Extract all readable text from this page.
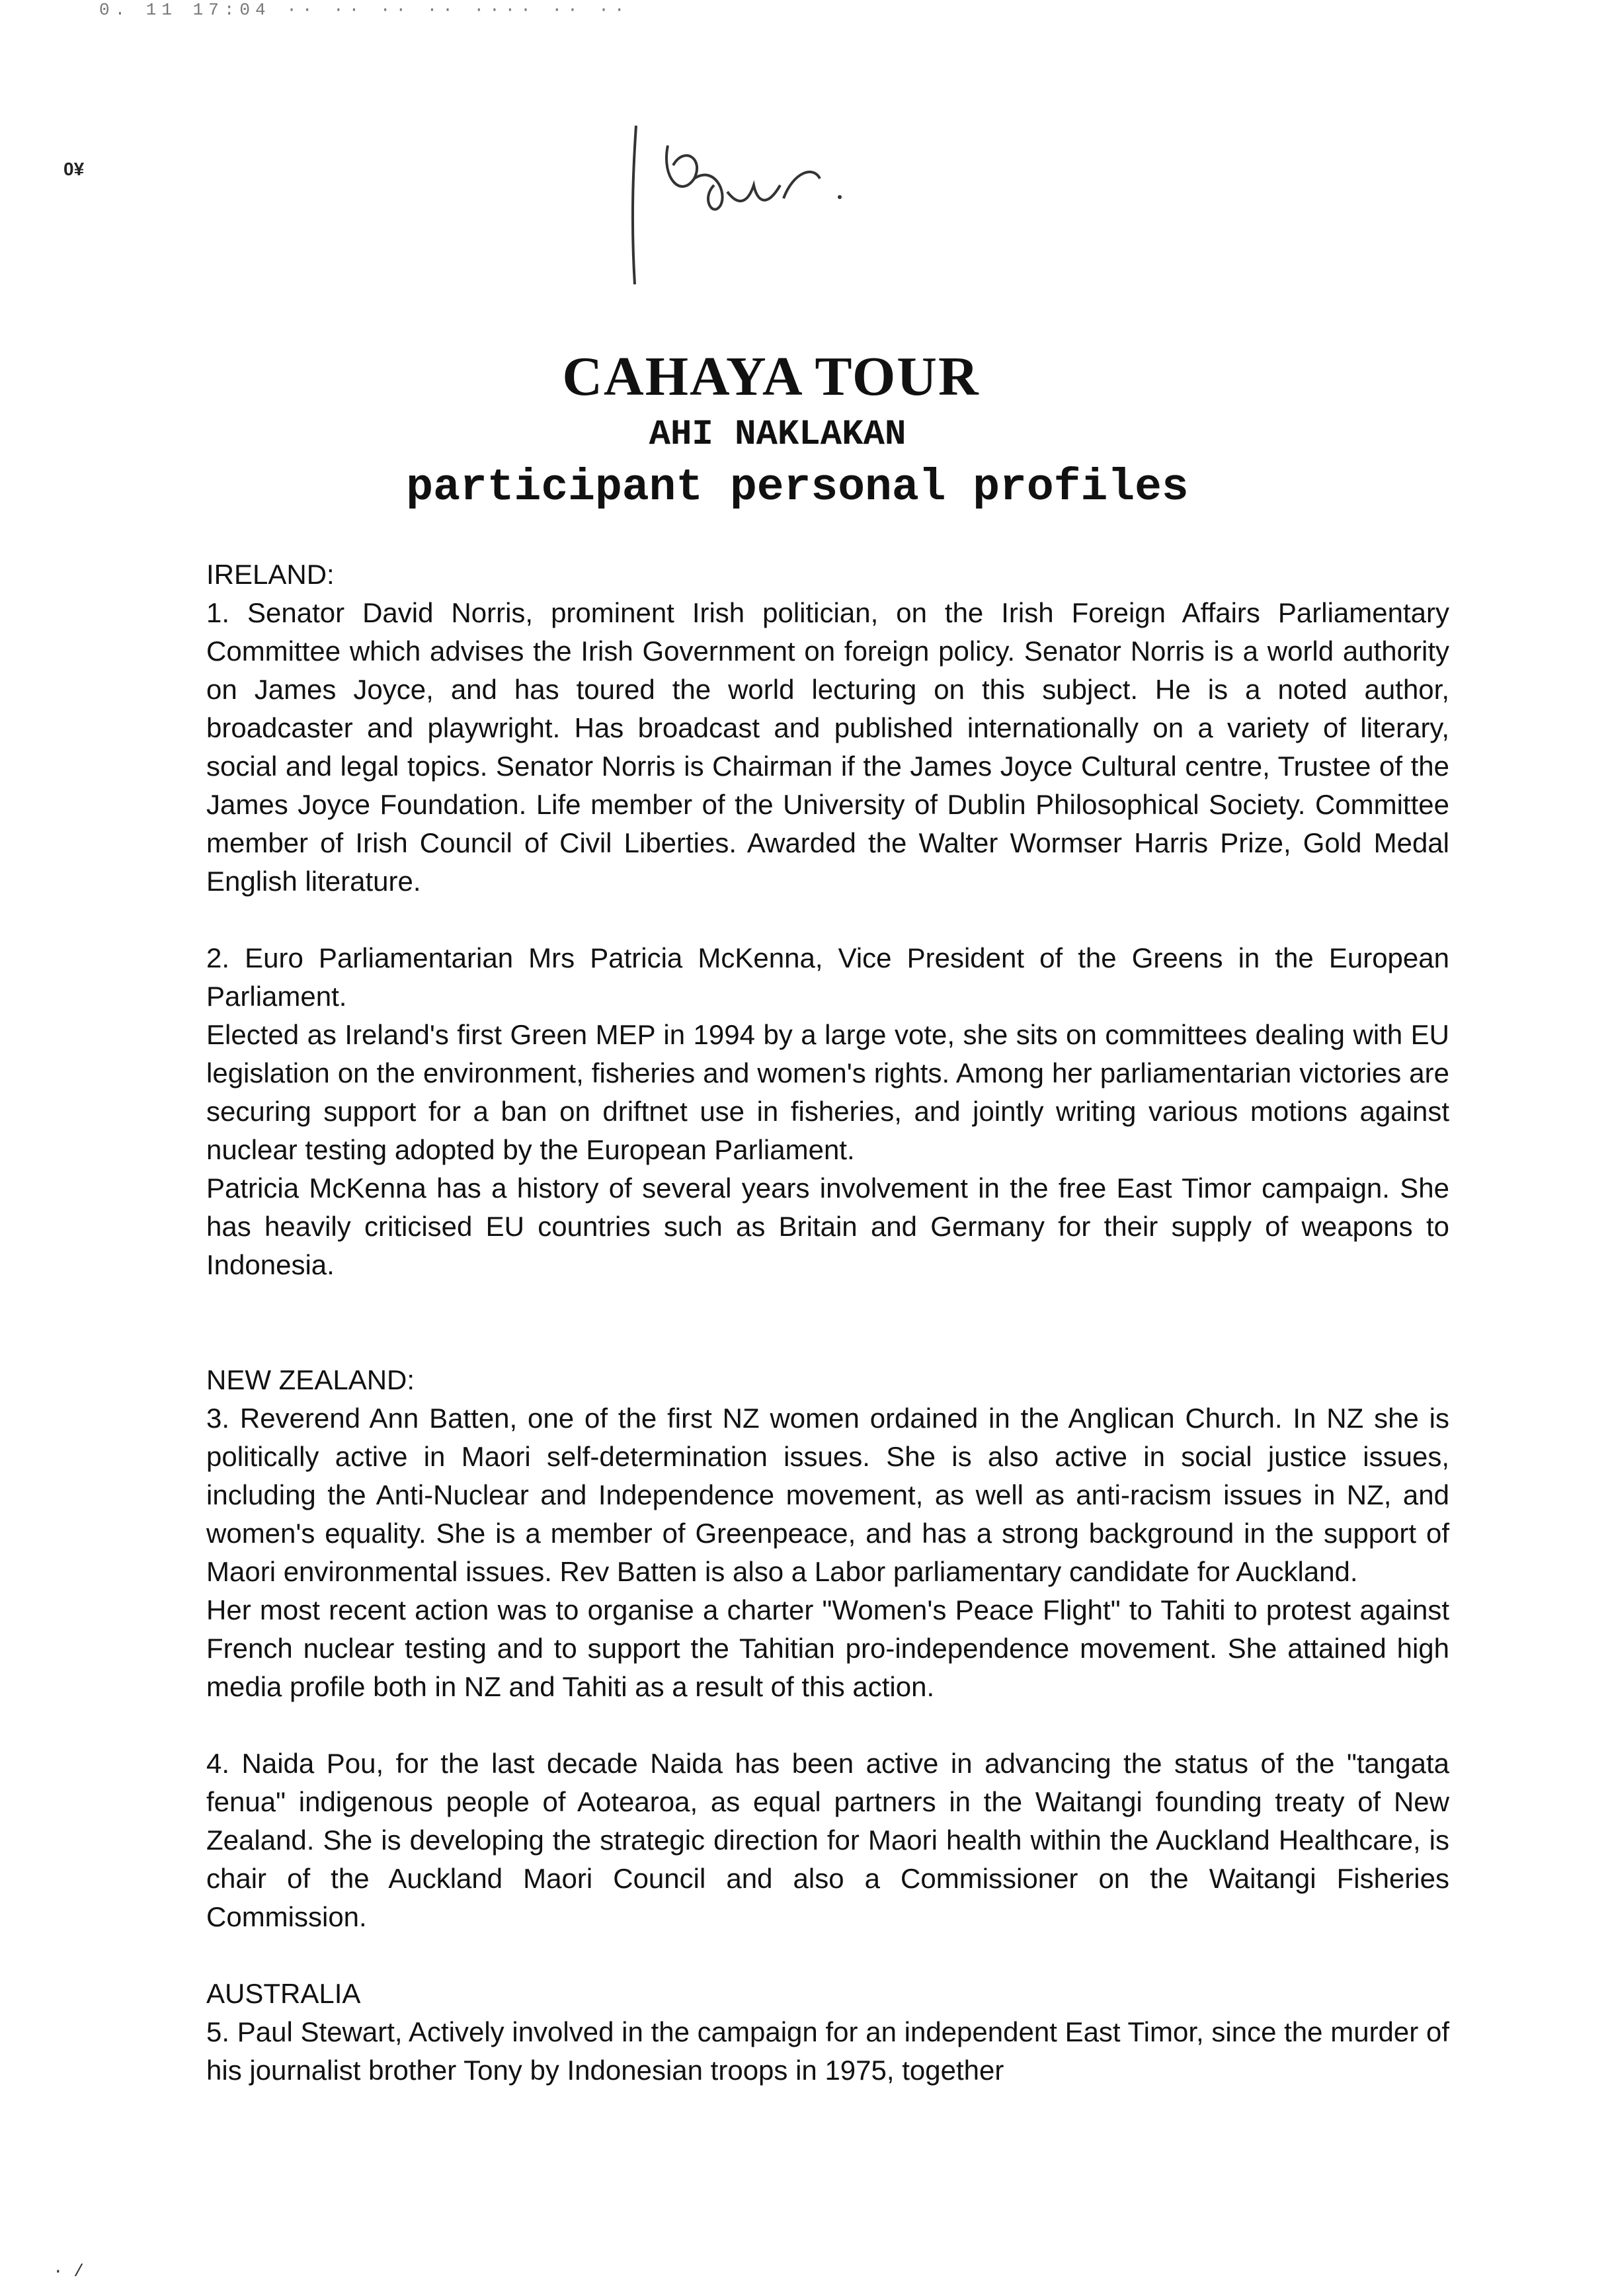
0. 11 17:04 ·· ·· ·· ·· ···· ·· ··
0¥
CAHAYA TOUR

AHI NAKLAKAN

participant personal profiles

IRELAND:

1. Senator David Norris, prominent Irish politician, on the Irish Foreign Affairs Parliamentary Committee which advises the Irish Government on foreign policy. Senator Norris is a world authority on James Joyce, and has toured the world lecturing on this subject. He is a noted author, broadcaster and playwright. Has broadcast and published internationally on a variety of literary, social and legal topics. Senator Norris is Chairman if the James Joyce Cultural centre, Trustee of the James Joyce Foundation. Life member of the University of Dublin Philosophical Society. Committee member of Irish Council of Civil Liberties. Awarded the Walter Wormser Harris Prize, Gold Medal English literature.

2. Euro Parliamentarian Mrs Patricia McKenna, Vice President of the Greens in the European Parliament.

Elected as Ireland's first Green MEP in 1994 by a large vote, she sits on committees dealing with EU legislation on the environment, fisheries and women's rights. Among her parliamentarian victories are securing support for a ban on driftnet use in fisheries, and jointly writing various motions against nuclear testing adopted by the European Parliament.

Patricia McKenna has a history of several years involvement in the free East Timor campaign. She has heavily criticised EU countries such as Britain and Germany for their supply of weapons to Indonesia.

NEW ZEALAND:

3. Reverend Ann Batten, one of the first NZ women ordained in the Anglican Church. In NZ she is politically active in Maori self-determination issues. She is also active in social justice issues, including the Anti-Nuclear and Independence movement, as well as anti-racism issues in NZ, and women's equality. She is a member of Greenpeace, and has a strong background in the support of Maori environmental issues. Rev Batten is also a Labor parliamentary candidate for Auckland.

Her most recent action was to organise a charter "Women's Peace Flight" to Tahiti to protest against French nuclear testing and to support the Tahitian pro-independence movement. She attained high media profile both in NZ and Tahiti as a result of this action.

4. Naida Pou, for the last decade Naida has been active in advancing the status of the "tangata fenua" indigenous people of Aotearoa, as equal partners in the Waitangi founding treaty of New Zealand. She is developing the strategic direction for Maori health within the Auckland Healthcare, is chair of the Auckland Maori Council and also a Commissioner on the Waitangi Fisheries Commission.

AUSTRALIA

5. Paul Stewart, Actively involved in the campaign for an independent East Timor, since the murder of his journalist brother Tony by Indonesian troops in 1975, together

· /
